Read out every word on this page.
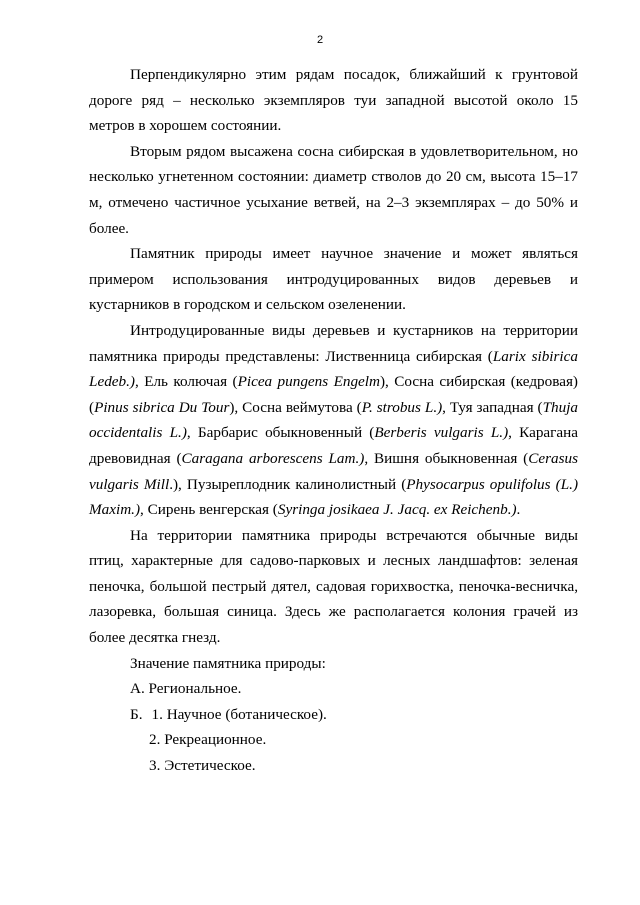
2

Перпендикулярно этим рядам посадок, ближайший к грунтовой дороге ряд – несколько экземпляров туи западной высотой около 15 метров в хорошем состоянии.

Вторым рядом высажена сосна сибирская в удовлетворительном, но несколько угнетенном состоянии: диаметр стволов до 20 см, высота 15–17 м, отмечено частичное усыхание ветвей, на 2–3 экземплярах – до 50% и более.

Памятник природы имеет научное значение и может являться примером использования интродуцированных видов деревьев и кустарников в городском и сельском озеленении.

Интродуцированные виды деревьев и кустарников на территории памятника природы представлены: Лиственница сибирская (Larix sibirica Ledeb.), Ель колючая (Picea pungens Engelm), Сосна сибирская (кедровая) (Pinus sibrica Du Tour), Сосна веймутова (P. strobus L.), Туя западная (Thuja occidentalis L.), Барбарис обыкновенный (Berberis vulgaris L.), Карагана древовидная (Caragana arborescens Lam.), Вишня обыкновенная (Cerasus vulgaris Mill.), Пузыреплодник калинолистный (Physocarpus opulifolus (L.) Maxim.), Сирень венгерская (Syringa josikaea J. Jacq. ex Reichenb.).

На территории памятника природы встречаются обычные виды птиц, характерные для садово-парковых и лесных ландшафтов: зеленая пеночка, большой пестрый дятел, садовая горихвостка, пеночка-весничка, лазоревка, большая синица. Здесь же располагается колония грачей из более десятка гнезд.

Значение памятника природы:

А. Региональное.

Б. 1. Научное (ботаническое).

2. Рекреационное.

3. Эстетическое.
